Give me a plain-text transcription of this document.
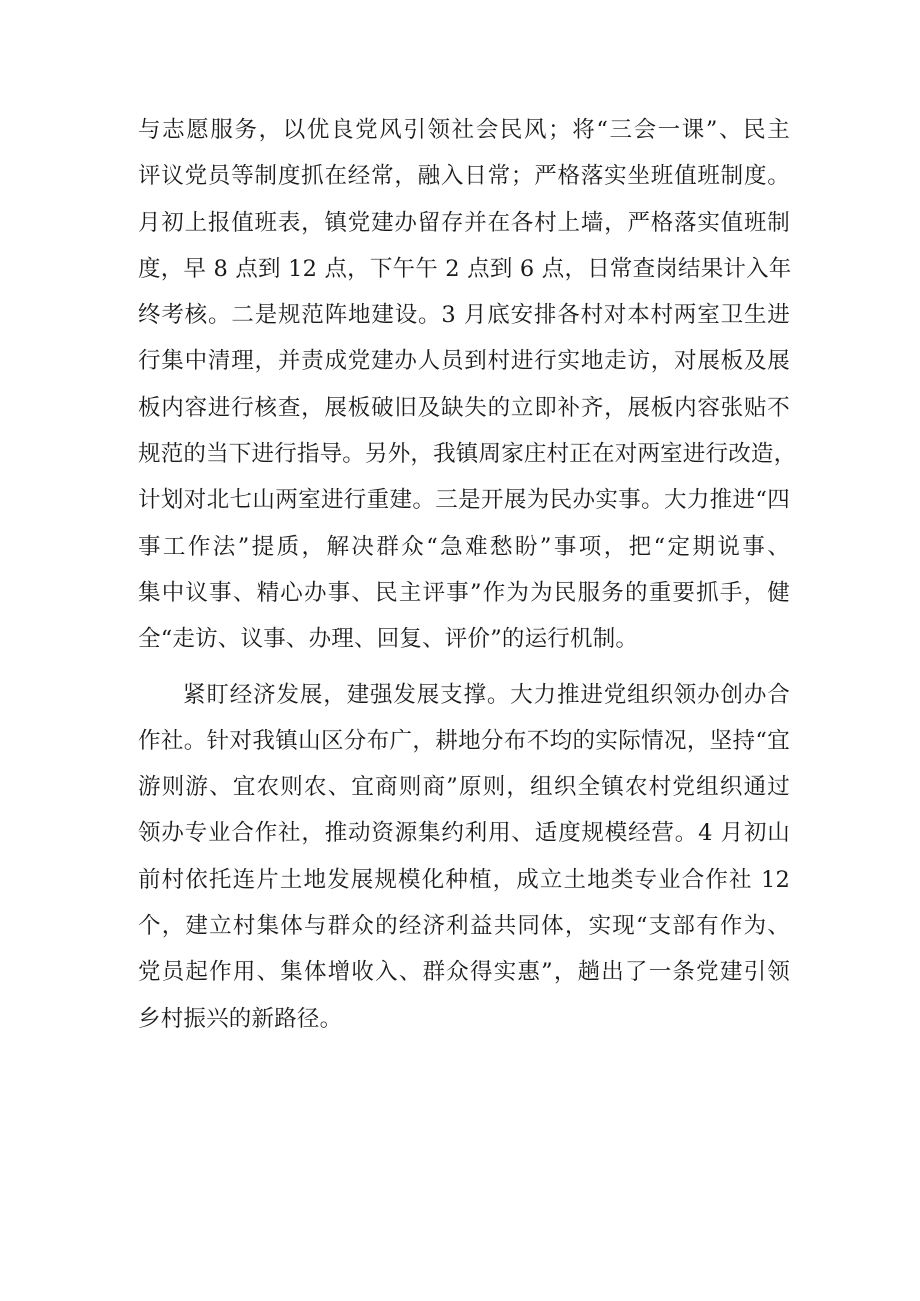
与志愿服务，以优良党风引领社会民风；将“三会一课”、民主
评议党员等制度抓在经常，融入日常；严格落实坐班值班制度。
月初上报值班表，镇党建办留存并在各村上墙，严格落实值班制
度，早 8 点到 12 点，下午午 2 点到 6 点，日常查岗结果计入年
终考核。二是规范阵地建设。3 月底安排各村对本村两室卫生进
行集中清理，并责成党建办人员到村进行实地走访，对展板及展
板内容进行核查，展板破旧及缺失的立即补齐，展板内容张贴不
规范的当下进行指导。另外，我镇周家庄村正在对两室进行改造，
计划对北七山两室进行重建。三是开展为民办实事。大力推进“四
事工作法”提质，解决群众“急难愁盼”事项，把“定期说事、
集中议事、精心办事、民主评事”作为为民服务的重要抓手，健
全“走访、议事、办理、回复、评价”的运行机制。
紧盯经济发展，建强发展支撑。大力推进党组织领办创办合
作社。针对我镇山区分布广，耕地分布不均的实际情况，坚持“宜
游则游、宜农则农、宜商则商”原则，组织全镇农村党组织通过
领办专业合作社，推动资源集约利用、适度规模经营。4 月初山
前村依托连片土地发展规模化种植，成立土地类专业合作社 12
个，建立村集体与群众的经济利益共同体，实现“支部有作为、
党员起作用、集体增收入、群众得实惠”，趟出了一条党建引领
乡村振兴的新路径。
